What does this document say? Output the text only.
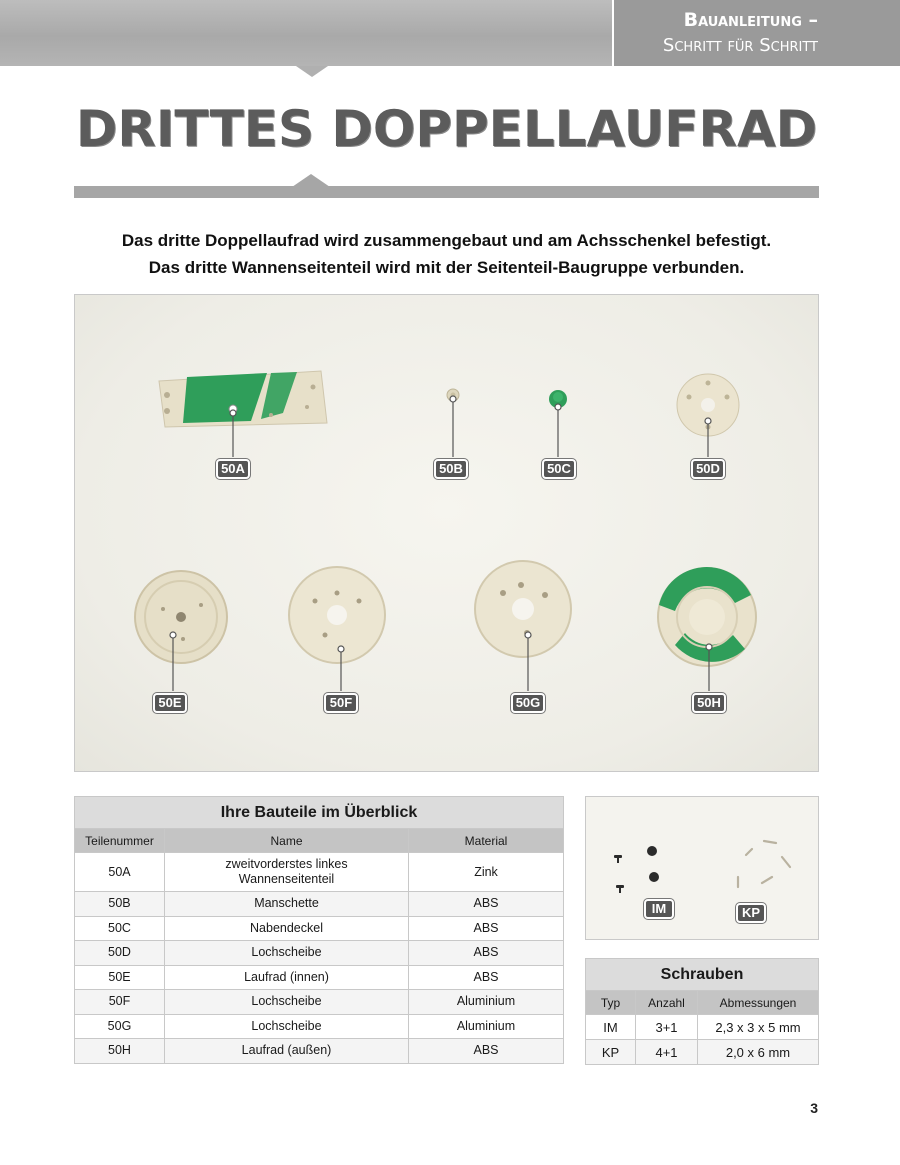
Bauanleitung –
Schritt für Schritt
DRITTES DOPPELLAUFRAD
Das dritte Doppellaufrad wird zusammengebaut und am Achsschenkel befestigt.
Das dritte Wannenseitenteil wird mit der Seitenteil-Baugruppe verbunden.
50A	50B	50C	50D
50E	50F	50G	50H
Ihre Bauteile im Überblick		
Teilenummer	Name	Material
50A	zweitvorderstes linkes Wannenseitenteil	Zink
50B	Manschette	ABS
50C	Nabendeckel	ABS
50D	Lochscheibe	ABS
50E	Laufrad (innen)	ABS
50F	Lochscheibe	Aluminium
50G	Lochscheibe	Aluminium
50H	Laufrad (außen)	ABS
IM	KP
Schrauben		
Typ	Anzahl	Abmessungen
IM	3+1	2,3 x 3 x 5 mm
KP	4+1	2,0 x 6 mm
3
